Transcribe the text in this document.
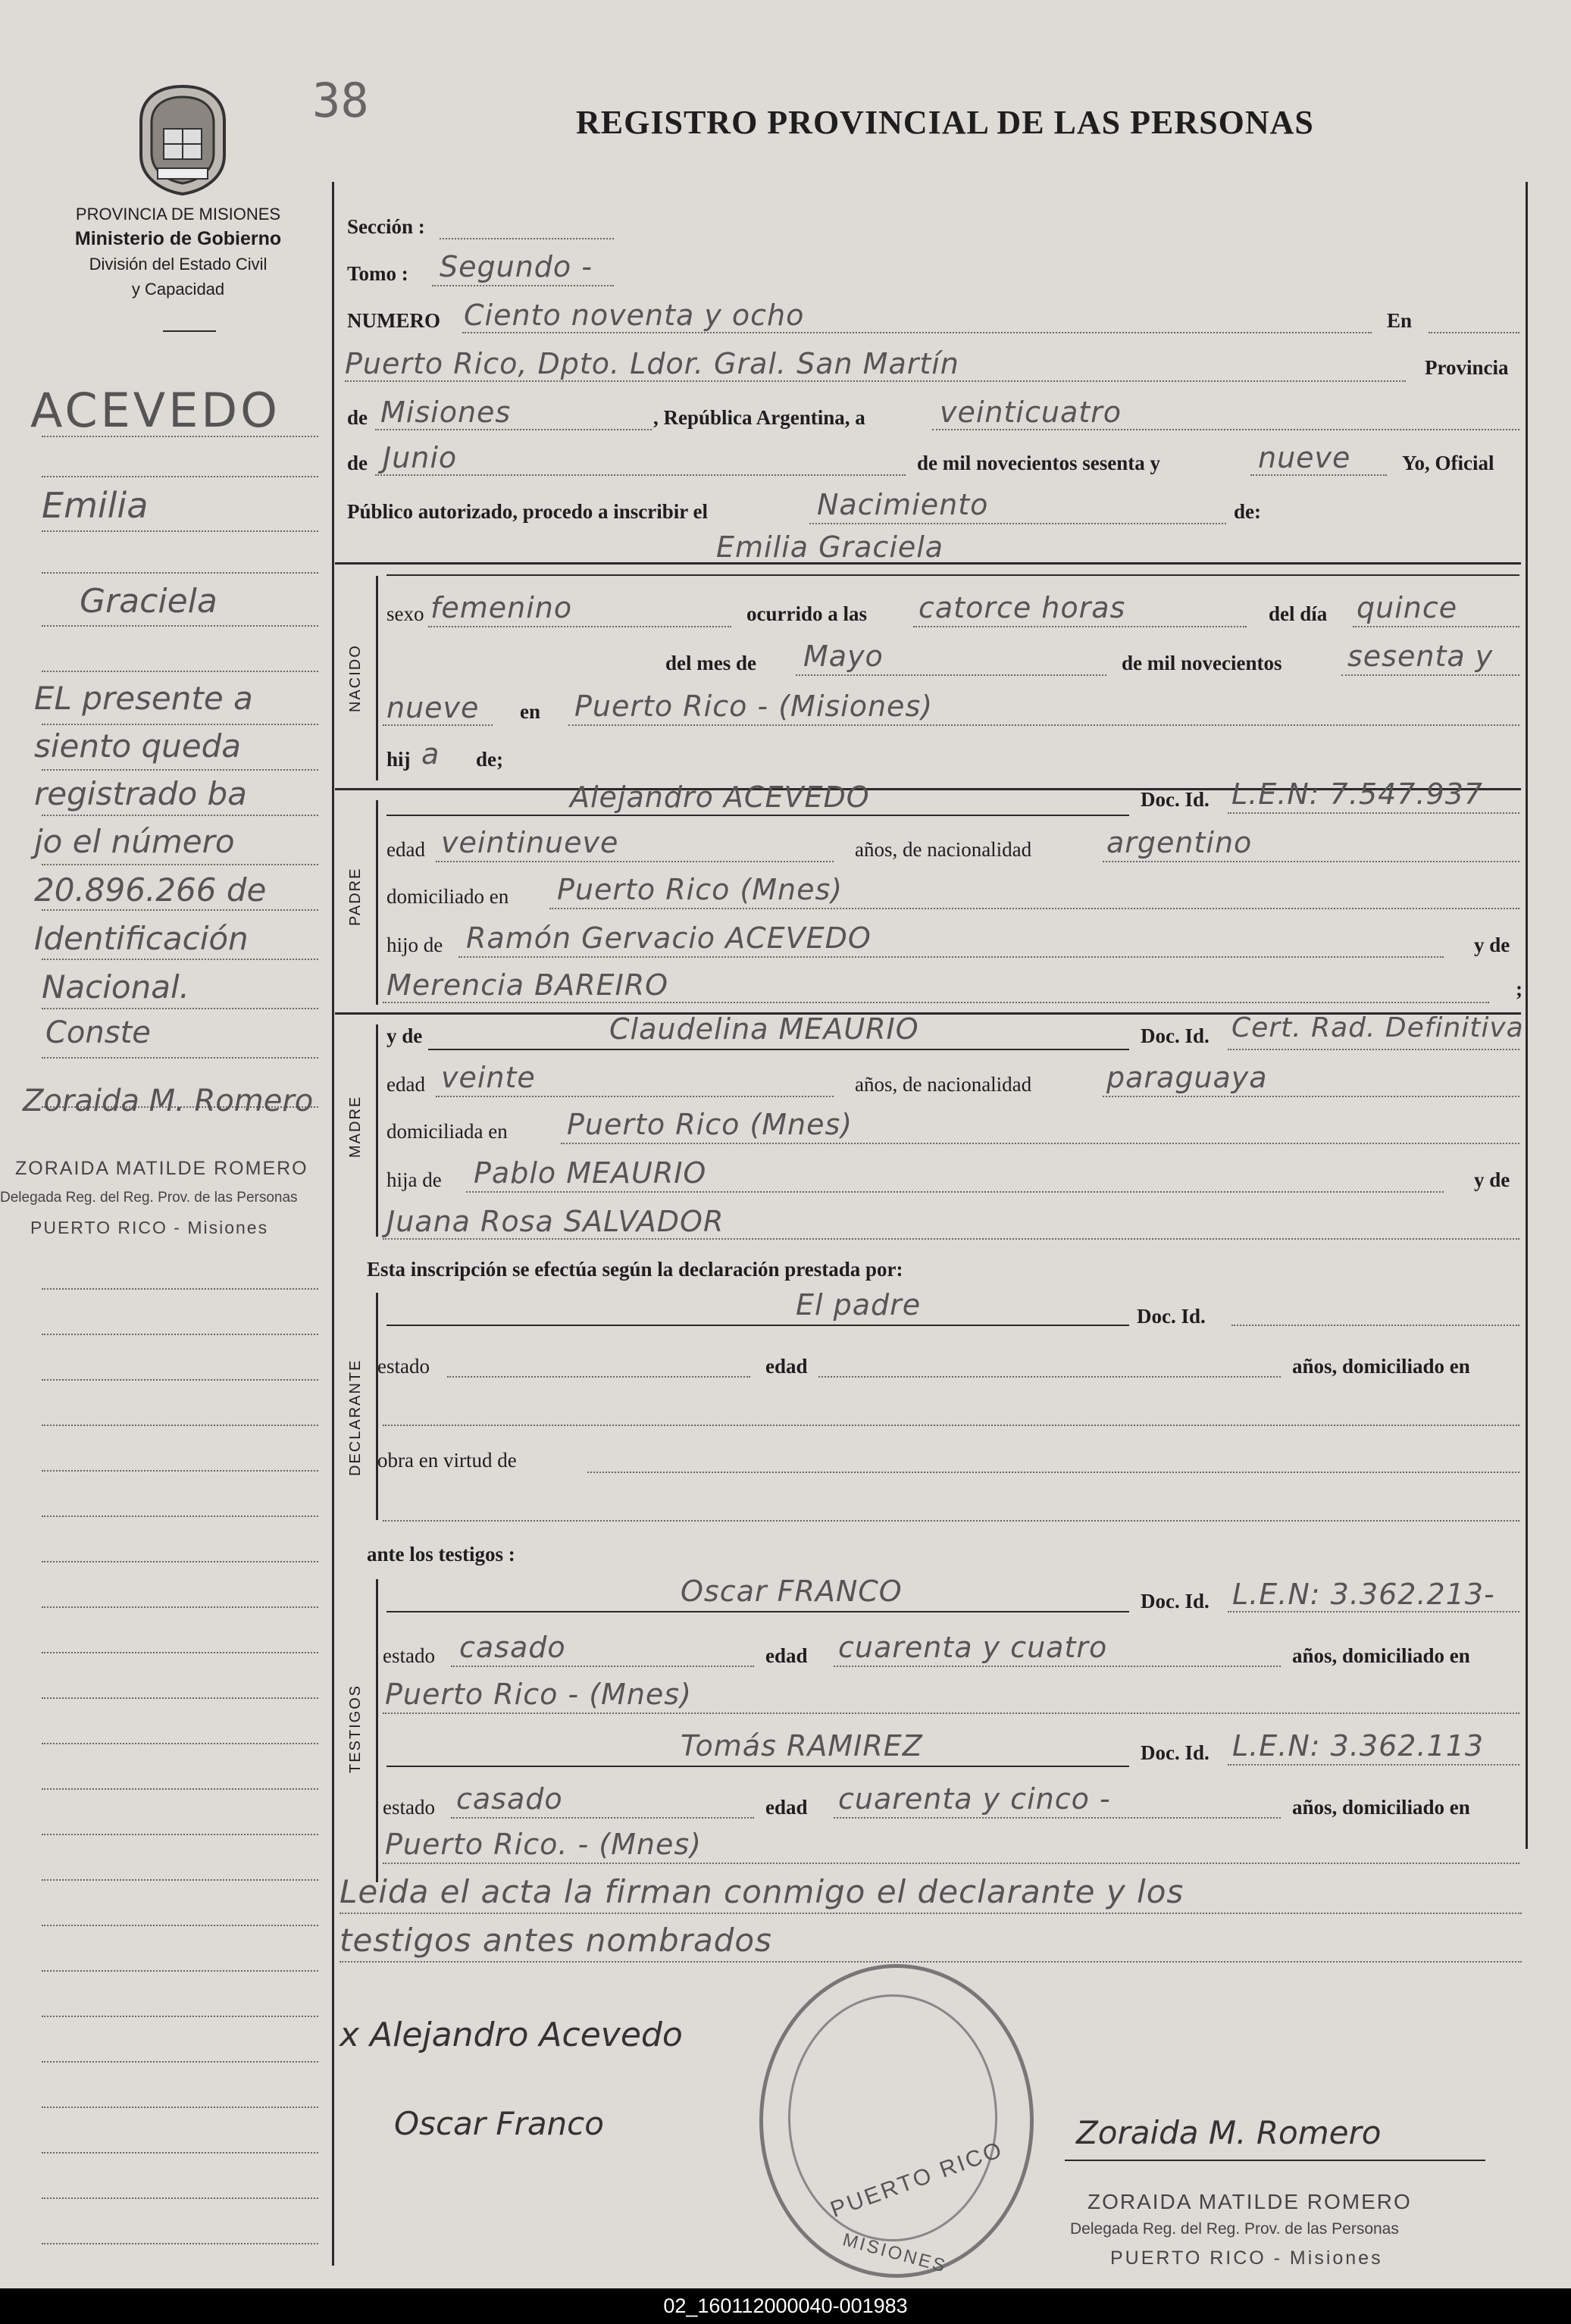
38	REGISTRO PROVINCIAL DE LAS PERSONAS
PROVINCIA DE MISIONES
Ministerio de Gobierno
División del Estado Civil
y Capacidad
ACEVEDO
Emilia
Graciela
EL presente a
siento queda
registrado ba
jo el número
20.896.266 de
Identificación
Nacional.
Conste
Zoraida M. Romero
ZORAIDA MATILDE ROMERO
Delegada Reg. del Reg. Prov. de las Personas
PUERTO RICO - Misiones
Sección :
Tomo : Segundo -
NUMERO Ciento noventa y ocho	En
Puerto Rico, Dpto. Ldor. Gral. San Martín	Provincia
de Misiones	, República Argentina, a	veinticuatro
de Junio	de mil novecientos sesenta y	nueve	Yo, Oficial
Público autorizado, procedo a inscribir el	Nacimiento	de:
NACIDO
Emilia Graciela
sexo femenino	ocurrido a las catorce horas	del día quince
del mes de Mayo	de mil novecientos sesenta y
nueve en Puerto Rico - (Misiones)
hij a de;
PADRE
Alejandro ACEVEDO	Doc. Id. L.E.N: 7.547.937
edad veintinueve	años, de nacionalidad	argentino
domiciliado en Puerto Rico (Mnes)
hijo de Ramón Gervacio ACEVEDO	y de
Merencia BAREIRO	;
MADRE
y de	Claudelina MEAURIO	Doc. Id. Cert. Rad. Definitiva
edad veinte	años, de nacionalidad	paraguaya
domiciliada en Puerto Rico (Mnes)
hija de Pablo MEAURIO	y de
Juana Rosa SALVADOR
Esta inscripción se efectúa según la declaración prestada por:
DECLARANTE
El padre	Doc. Id.
estado	edad	años, domiciliado en
obra en virtud de
ante los testigos :
TESTIGOS
Oscar FRANCO	Doc. Id. L.E.N: 3.362.213-
estado casado	edad cuarenta y cuatro	años, domiciliado en
Puerto Rico - (Mnes)
Tomás RAMIREZ	Doc. Id. L.E.N: 3.362.113
estado casado	edad cuarenta y cinco -	años, domiciliado en
Puerto Rico. - (Mnes)
Leida el acta la firman conmigo el declarante y los
testigos antes nombrados
PUERTO RICO
MISIONES
x Alejandro Acevedo
Oscar Franco	Zoraida M. Romero
ZORAIDA MATILDE ROMERO
Delegada Reg. del Reg. Prov. de las Personas
PUERTO RICO - Misiones
02_160112000040-001983
